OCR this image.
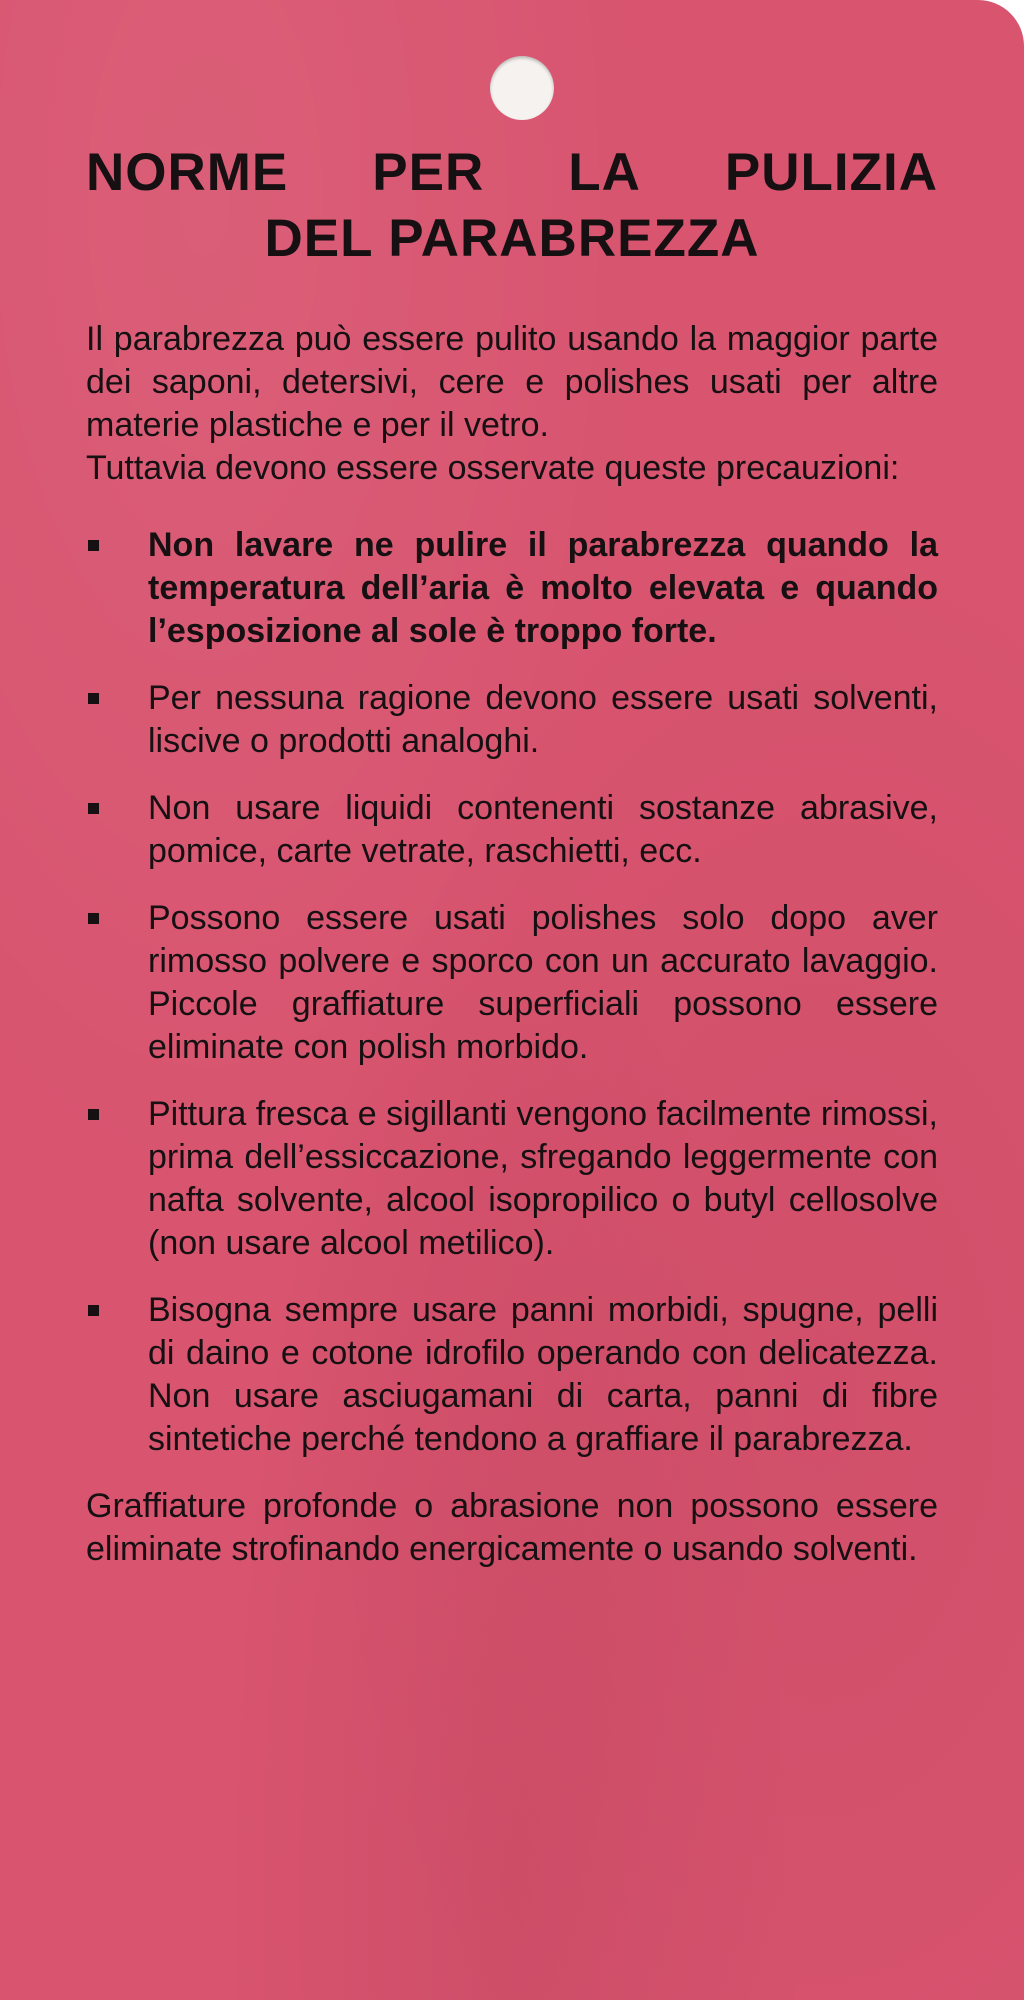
NORME PER LA PULIZIA
DEL PARABREZZA
Il parabrezza può essere pulito usando la maggior parte dei saponi, detersivi, cere e polishes usati per altre materie plastiche e per il vetro.
Tuttavia devono essere osservate queste precauzioni:
Non lavare ne pulire il parabrezza quando la temperatura dell’aria è molto elevata e quando l’esposizione al sole è troppo forte.
Per nessuna ragione devono essere usati solventi, liscive o prodotti analoghi.
Non usare liquidi contenenti sostanze abrasive, pomice, carte vetrate, raschietti, ecc.
Possono essere usati polishes solo dopo aver rimosso polvere e sporco con un accurato lavaggio. Piccole graffiature superficiali possono essere eliminate con polish morbido.
Pittura fresca e sigillanti vengono facilmente rimossi, prima dell’essiccazione, sfregando leggermente con nafta solvente, alcool isopropilico o butyl cellosolve (non usare alcool metilico).
Bisogna sempre usare panni morbidi, spugne, pelli di daino e cotone idrofilo operando con delicatezza. Non usare asciugamani di carta, panni di fibre sintetiche perché tendono a graffiare il parabrezza.
Graffiature profonde o abrasione non possono essere eliminate strofinando energicamente o usando solventi.
